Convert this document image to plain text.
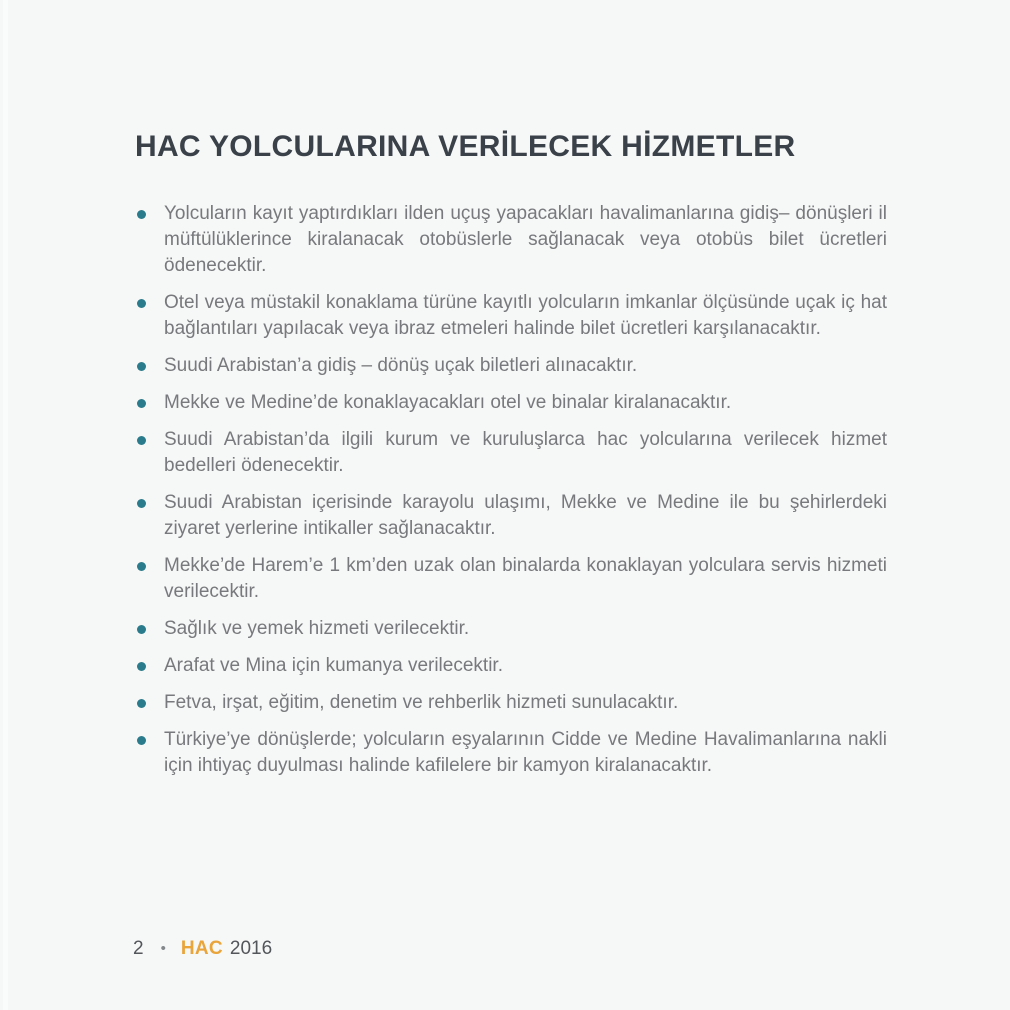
HAC YOLCULARINA VERİLECEK HİZMETLER
Yolcuların kayıt yaptırdıkları ilden uçuş yapacakları havalimanlarına gidiş– dönüşleri il müftülüklerince kiralanacak otobüslerle sağlanacak veya otobüs bilet ücretleri ödenecektir.
Otel veya müstakil konaklama türüne kayıtlı yolcuların imkanlar ölçüsünde uçak iç hat bağlantıları yapılacak veya ibraz etmeleri halinde bilet ücretleri karşılanacaktır.
Suudi Arabistan’a gidiş – dönüş uçak biletleri alınacaktır.
Mekke ve Medine’de konaklayacakları otel ve binalar kiralanacaktır.
Suudi Arabistan’da ilgili kurum ve kuruluşlarca hac yolcularına verilecek hizmet bedelleri ödenecektir.
Suudi Arabistan içerisinde karayolu ulaşımı, Mekke ve Medine ile bu şehirlerdeki ziyaret yerlerine intikaller sağlanacaktır.
Mekke’de Harem’e 1 km’den uzak olan binalarda konaklayan yolculara servis hizmeti verilecektir.
Sağlık ve yemek hizmeti verilecektir.
Arafat ve Mina için kumanya verilecektir.
Fetva, irşat, eğitim, denetim ve rehberlik hizmeti sunulacaktır.
Türkiye’ye dönüşlerde; yolcuların eşyalarının Cidde ve Medine Havalimanlarına nakli için ihtiyaç duyulması halinde kafilelere bir kamyon kiralanacaktır.
2 • HAC 2016
